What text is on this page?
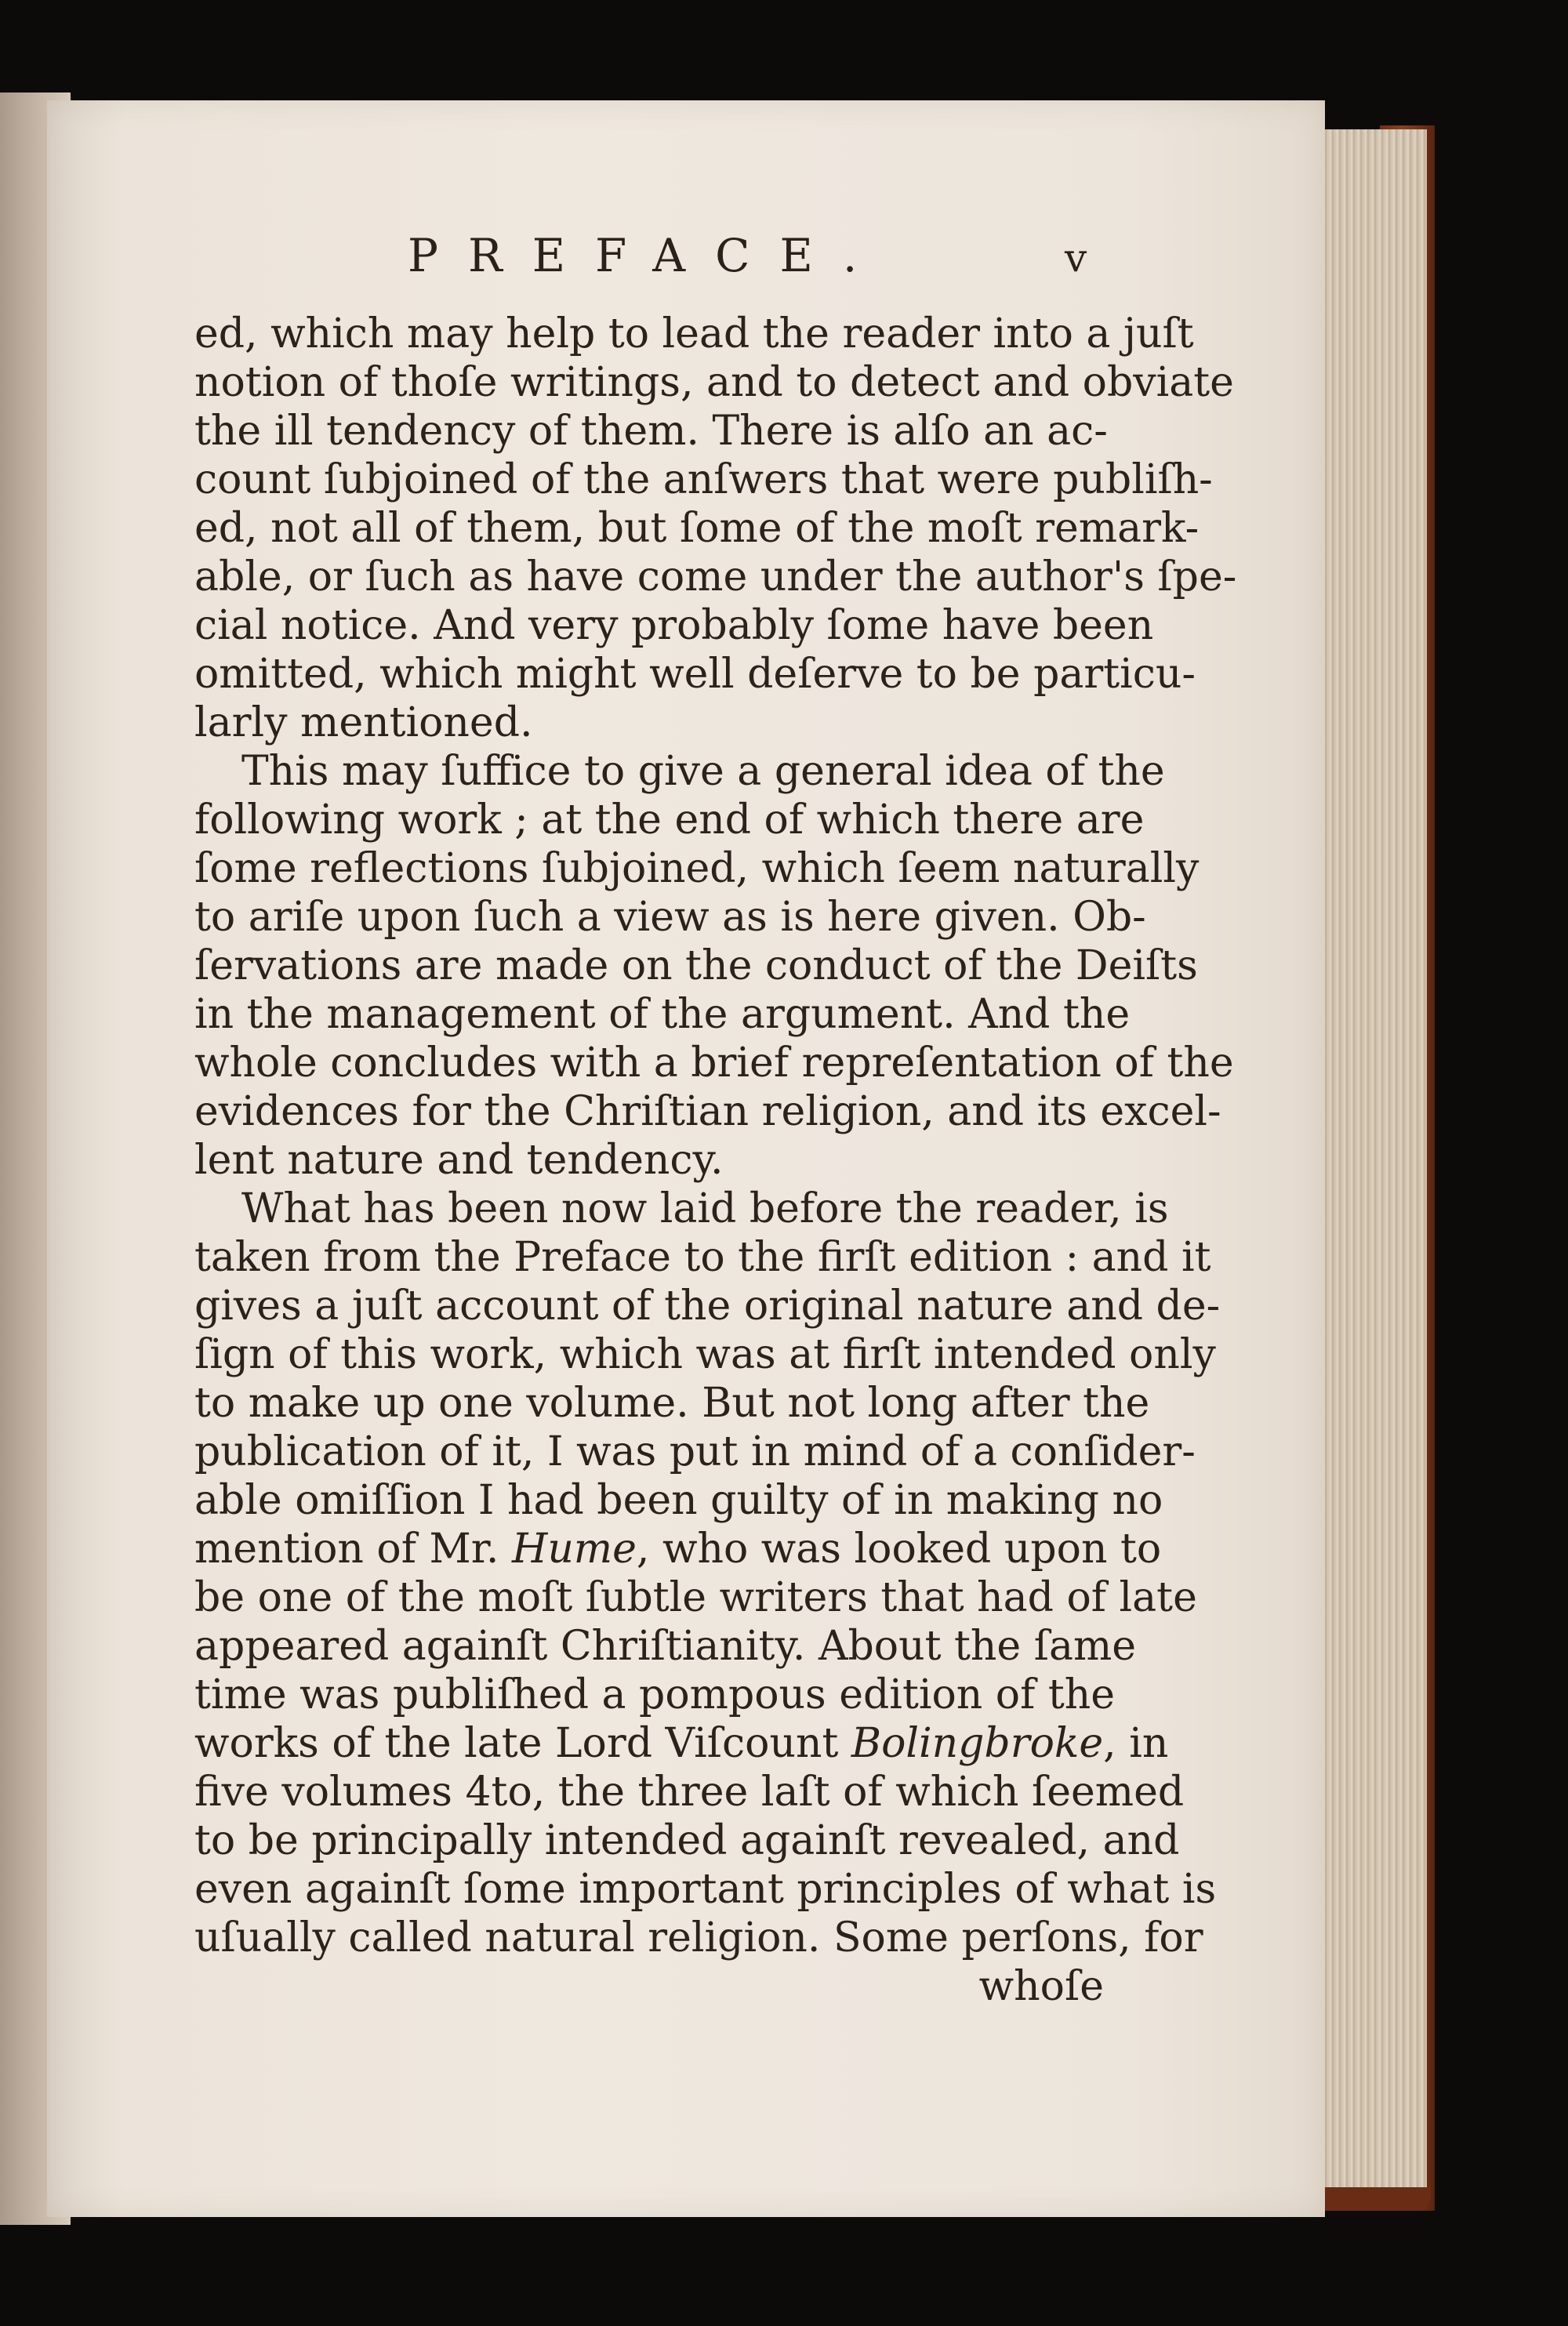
PREFACE.	v
ed, which may help to lead the reader into a juſt
notion of thoſe writings, and to detect and obviate
the ill tendency of them. There is alſo an ac-
count ſubjoined of the anſwers that were publiſh-
ed, not all of them, but ſome of the moſt remark-
able, or ſuch as have come under the author's ſpe-
cial notice. And very probably ſome have been
omitted, which might well deſerve to be particu-
larly mentioned.
This may ſuffice to give a general idea of the
following work ; at the end of which there are
ſome reflections ſubjoined, which ſeem naturally
to ariſe upon ſuch a view as is here given. Ob-
ſervations are made on the conduct of the Deiſts
in the management of the argument. And the
whole concludes with a brief repreſentation of the
evidences for the Chriſtian religion, and its excel-
lent nature and tendency.
What has been now laid before the reader, is
taken from the Preface to the firſt edition : and it
gives a juſt account of the original nature and de-
ſign of this work, which was at firſt intended only
to make up one volume. But not long after the
publication of it, I was put in mind of a conſider-
able omiſſion I had been guilty of in making no
mention of Mr. Hume, who was looked upon to
be one of the moſt ſubtle writers that had of late
appeared againſt Chriſtianity. About the ſame
time was publiſhed a pompous edition of the
works of the late Lord Viſcount Bolingbroke
five volumes 4to, the three laſt of which ſeemed
to be principally intended againſt revealed, and
even againſt ſome important principles of what is
uſually called natural religion. Some perſons, for
whoſe
